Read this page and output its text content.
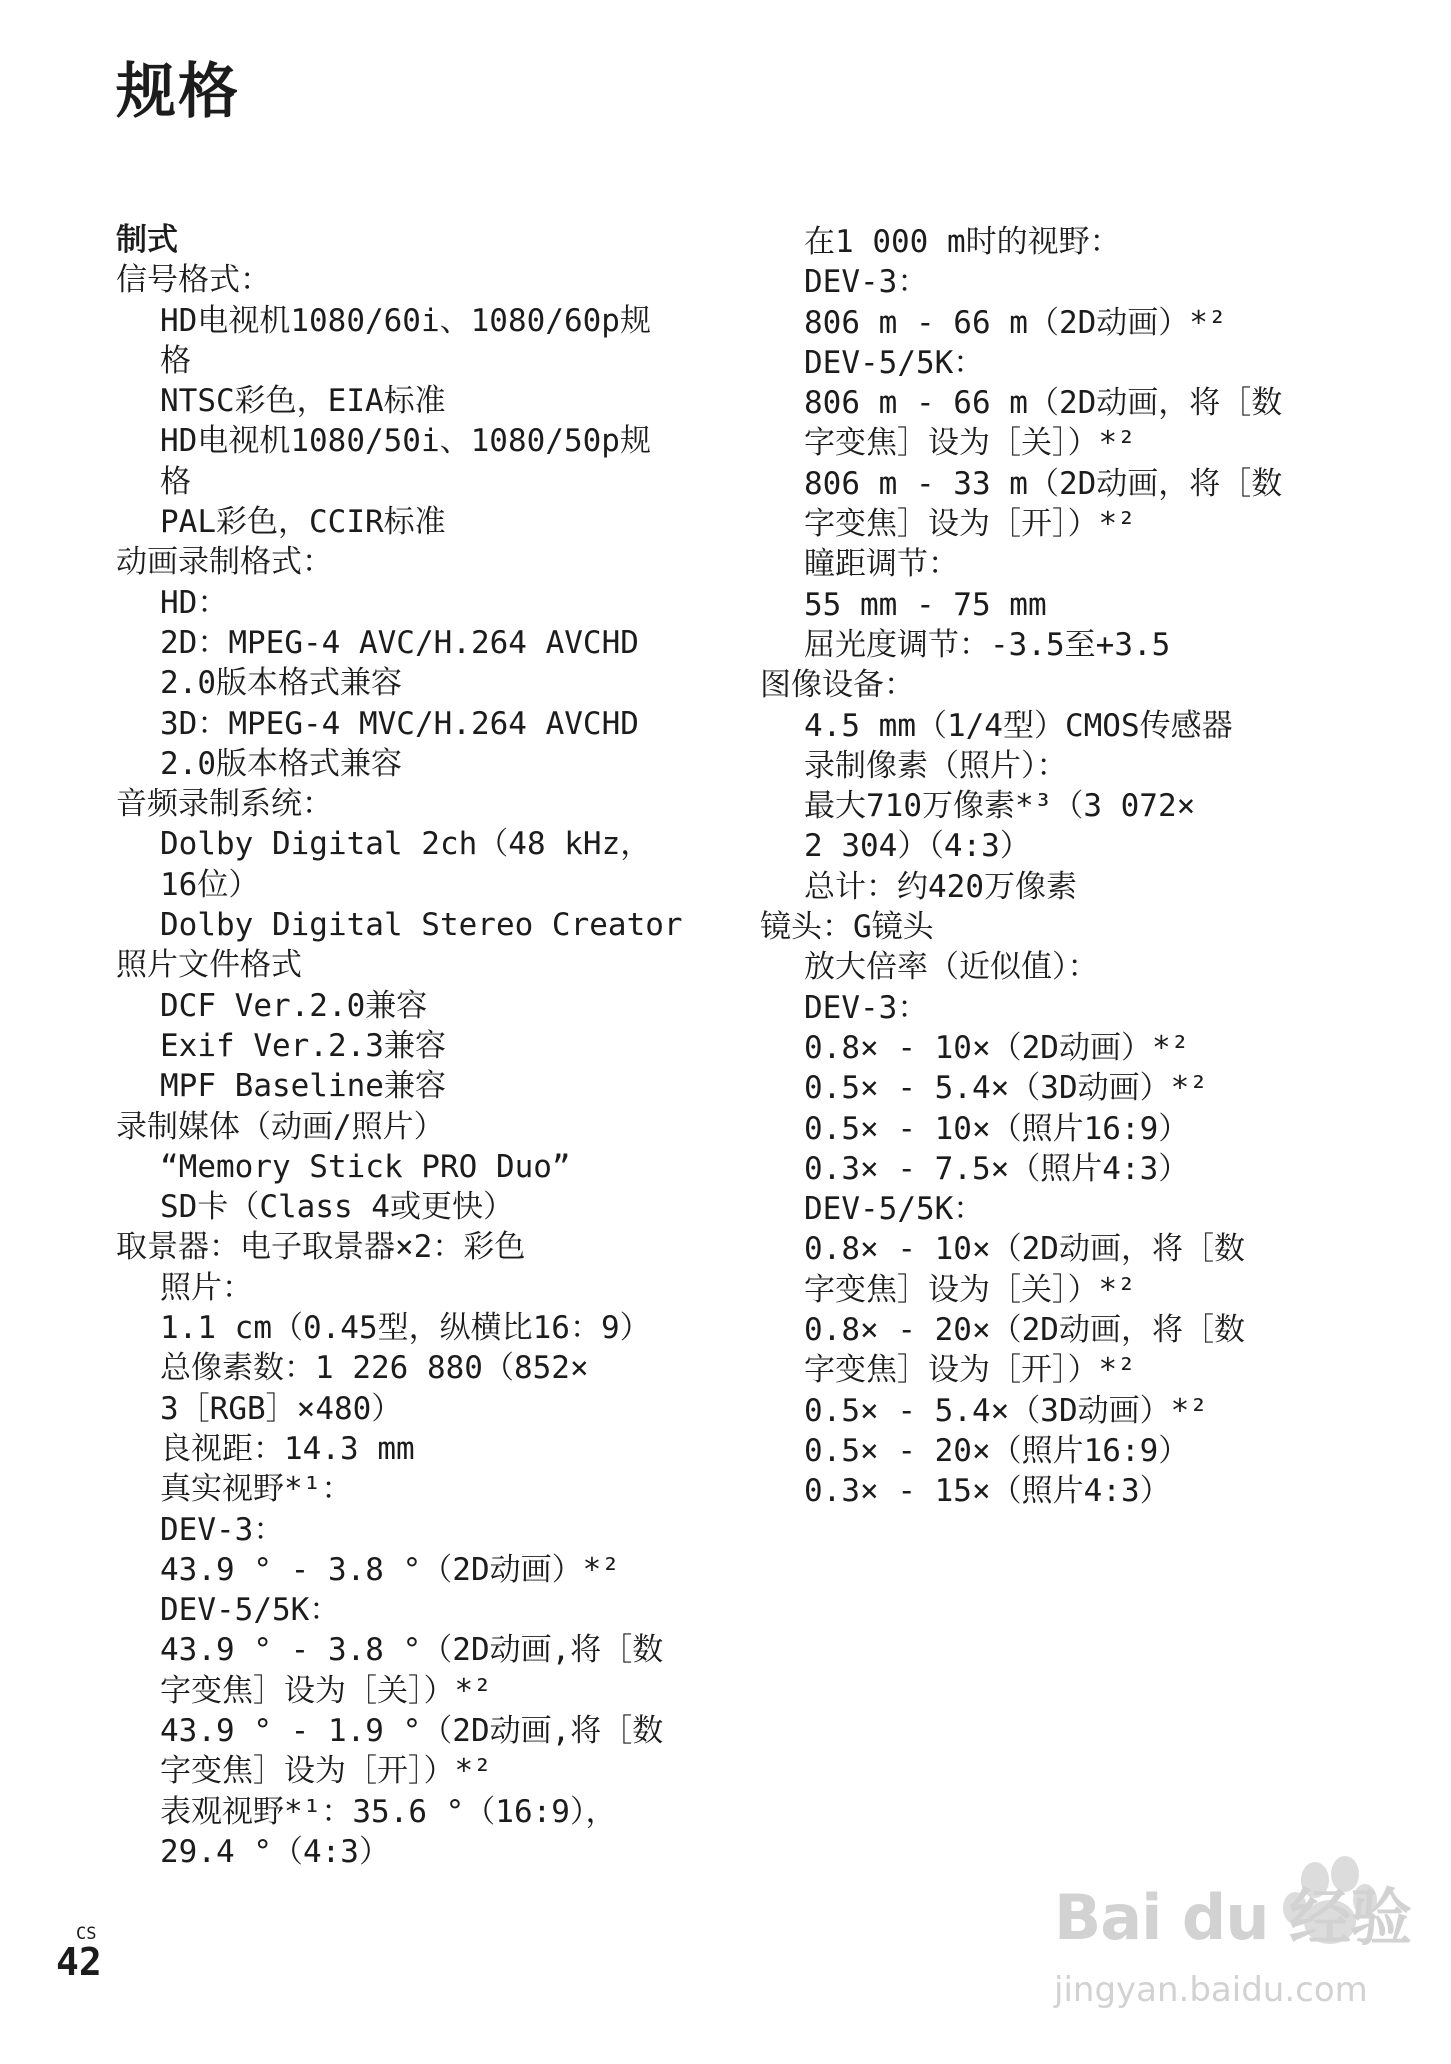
规格
制式
信号格式：
HD电视机1080/60i、1080/60p规
格
NTSC彩色，EIA标准
HD电视机1080/50i、1080/50p规
格
PAL彩色，CCIR标准
动画录制格式：
HD：
2D：MPEG-4 AVC/H.264 AVCHD
2.0版本格式兼容
3D：MPEG-4 MVC/H.264 AVCHD
2.0版本格式兼容
音频录制系统：
Dolby Digital 2ch（48 kHz，
16位）
Dolby Digital Stereo Creator
照片文件格式
DCF Ver.2.0兼容
Exif Ver.2.3兼容
MPF Baseline兼容
录制媒体（动画/照片）
“Memory Stick PRO Duo”
SD卡（Class 4或更快）
取景器：电子取景器×2：彩色
照片：
1.1 cm（0.45型，纵横比16：9）
总像素数：1 226 880（852×
3［RGB］×480）
良视距：14.3 mm
真实视野*¹：
DEV-3：
43.9 ° - 3.8 °（2D动画）*²
DEV-5/5K：
43.9 ° - 3.8 °（2D动画,将［数
字变焦］设为［关］）*²
43.9 ° - 1.9 °（2D动画,将［数
字变焦］设为［开］）*²
表观视野*¹：35.6 °（16:9），
29.4 °（4:3）
在1 000 m时的视野：
DEV-3：
806 m - 66 m（2D动画）*²
DEV-5/5K：
806 m - 66 m（2D动画，将［数
字变焦］设为［关］）*²
806 m - 33 m（2D动画，将［数
字变焦］设为［开］）*²
瞳距调节：
55 mm - 75 mm
屈光度调节：-3.5至+3.5
图像设备：
4.5 mm（1/4型）CMOS传感器
录制像素（照片）：
最大710万像素*³（3 072×
2 304）（4:3）
总计：约420万像素
镜头：G镜头
放大倍率（近似值）：
DEV-3：
0.8× - 10×（2D动画）*²
0.5× - 5.4×（3D动画）*²
0.5× - 10×（照片16:9）
0.3× - 7.5×（照片4:3）
DEV-5/5K：
0.8× - 10×（2D动画，将［数
字变焦］设为［关］）*²
0.8× - 20×（2D动画，将［数
字变焦］设为［开］）*²
0.5× - 5.4×（3D动画）*²
0.5× - 20×（照片16:9）
0.3× - 15×（照片4:3）
CS
42
Bai du 经验
jingyan.baidu.com
